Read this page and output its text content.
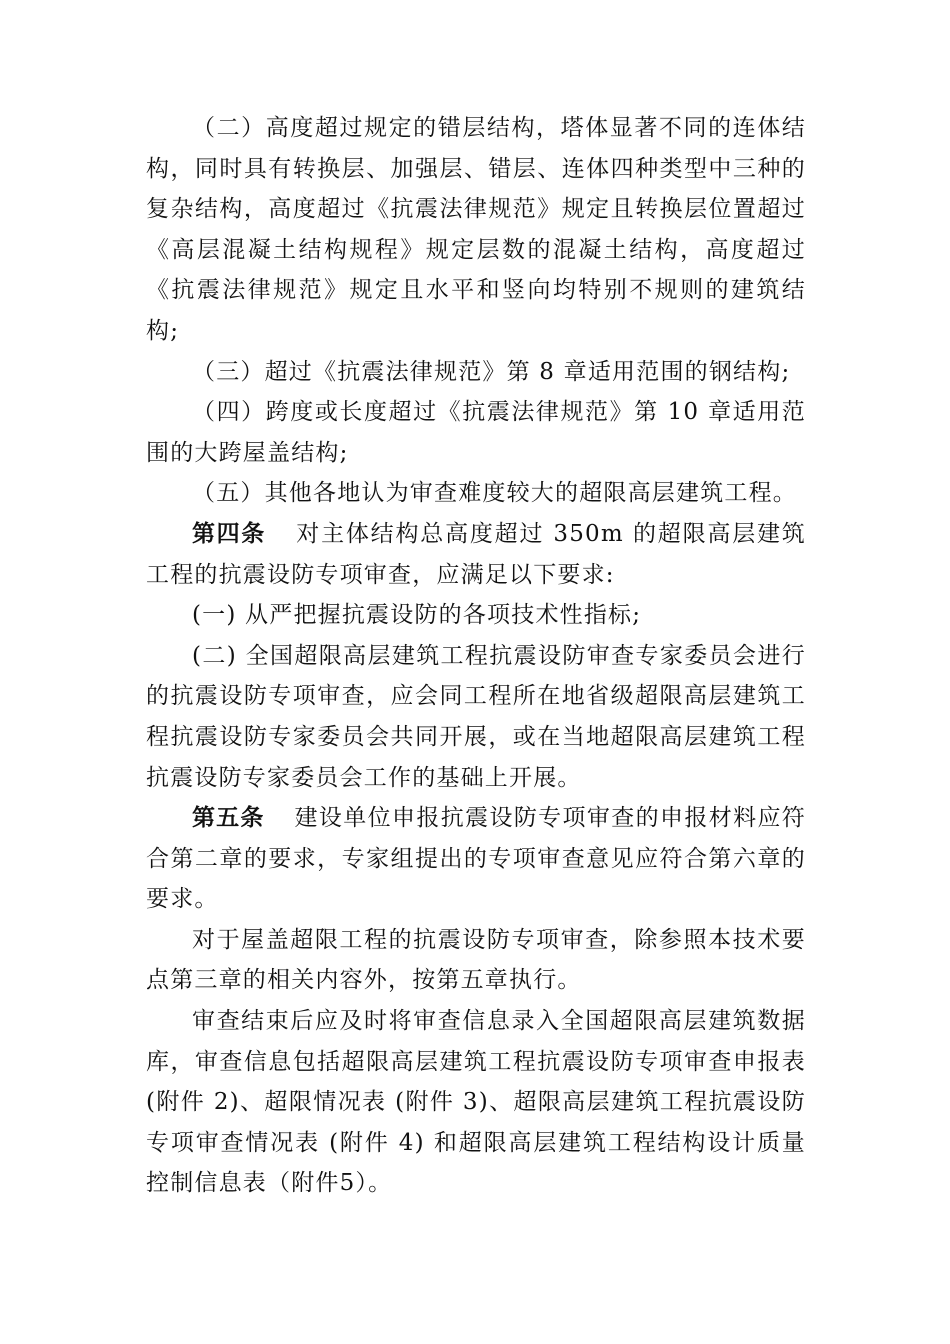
（二）高度超过规定的错层结构，塔体显著不同的连体结构，同时具有转换层、加强层、错层、连体四种类型中三种的复杂结构，高度超过《抗震法律规范》规定且转换层位置超过《高层混凝土结构规程》规定层数的混凝土结构，高度超过《抗震法律规范》规定且水平和竖向均特别不规则的建筑结构;

（三）超过《抗震法律规范》第 8 章适用范围的钢结构;

（四）跨度或长度超过《抗震法律规范》第 10 章适用范围的大跨屋盖结构;

（五）其他各地认为审查难度较大的超限高层建筑工程。

第四条 对主体结构总高度超过 350m 的超限高层建筑工程的抗震设防专项审查，应满足以下要求:

(一) 从严把握抗震设防的各项技术性指标;

(二) 全国超限高层建筑工程抗震设防审查专家委员会进行的抗震设防专项审查，应会同工程所在地省级超限高层建筑工程抗震设防专家委员会共同开展，或在当地超限高层建筑工程抗震设防专家委员会工作的基础上开展。

第五条 建设单位申报抗震设防专项审查的申报材料应符合第二章的要求，专家组提出的专项审查意见应符合第六章的要求。

对于屋盖超限工程的抗震设防专项审查，除参照本技术要点第三章的相关内容外，按第五章执行。

审查结束后应及时将审查信息录入全国超限高层建筑数据库，审查信息包括超限高层建筑工程抗震设防专项审查申报表 (附件 2)、超限情况表 (附件 3)、超限高层建筑工程抗震设防专项审查情况表 (附件 4) 和超限高层建筑工程结构设计质量控制信息表（附件5）。
